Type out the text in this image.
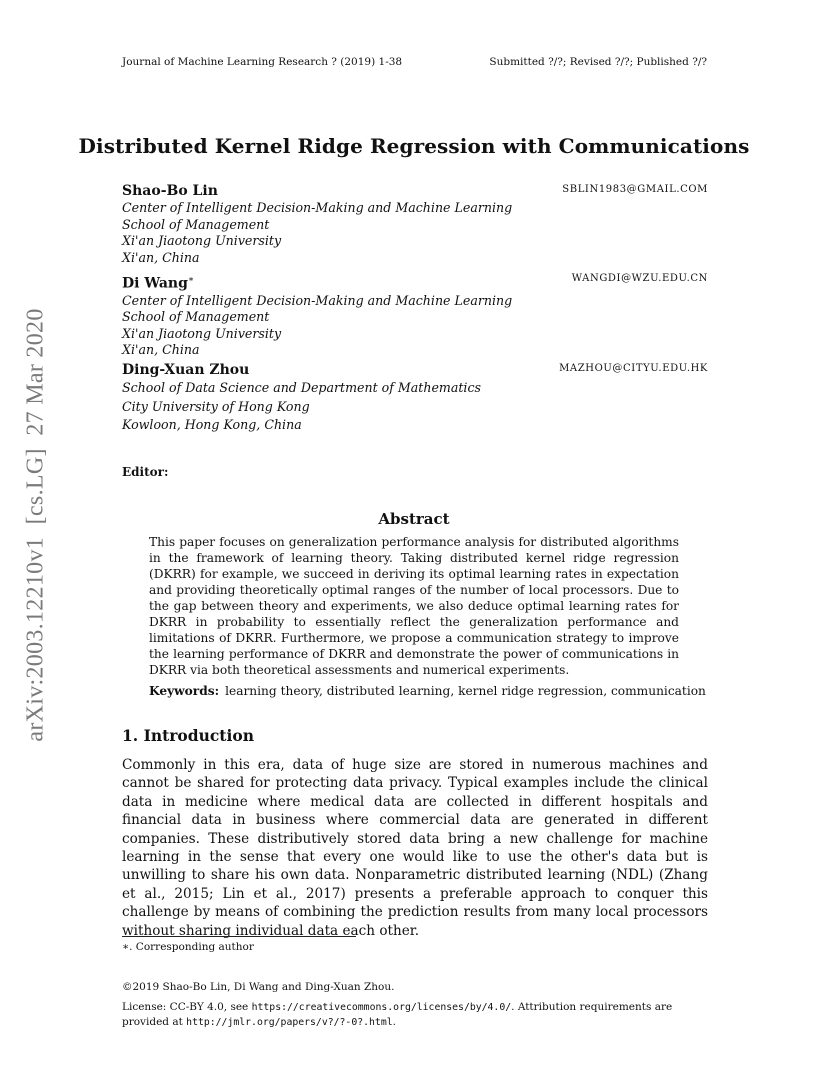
Journal of Machine Learning Research ? (2019) 1-38	Submitted ?/?; Revised ?/?; Published ?/?
Distributed Kernel Ridge Regression with Communications
Shao-Bo Lin	SBLIN1983@GMAIL.COM
Center of Intelligent Decision-Making and Machine Learning
School of Management
Xi'an Jiaotong University
Xi'an, China
Di Wang∗	WANGDI@WZU.EDU.CN
Center of Intelligent Decision-Making and Machine Learning
School of Management
Xi'an Jiaotong University
Xi'an, China
Ding-Xuan Zhou	MAZHOU@CITYU.EDU.HK
School of Data Science and Department of Mathematics
City University of Hong Kong
Kowloon, Hong Kong, China
Editor:
Abstract

This paper focuses on generalization performance analysis for distributed algorithms in the framework of learning theory. Taking distributed kernel ridge regression (DKRR) for example, we succeed in deriving its optimal learning rates in expectation and providing theoretically optimal ranges of the number of local processors. Due to the gap between theory and experiments, we also deduce optimal learning rates for DKRR in probability to essentially reflect the generalization performance and limitations of DKRR. Furthermore, we propose a communication strategy to improve the learning performance of DKRR and demonstrate the power of communications in DKRR via both theoretical assessments and numerical experiments.

Keywords: learning theory, distributed learning, kernel ridge regression, communication
1. Introduction

Commonly in this era, data of huge size are stored in numerous machines and cannot be shared for protecting data privacy. Typical examples include the clinical data in medicine where medical data are collected in different hospitals and financial data in business where commercial data are generated in different companies. These distributively stored data bring a new challenge for machine learning in the sense that every one would like to use the other's data but is unwilling to share his own data. Nonparametric distributed learning (NDL) (Zhang et al., 2015; Lin et al., 2017) presents a preferable approach to conquer this challenge by means of combining the prediction results from many local processors without sharing individual data each other.

∗. Corresponding author
©2019 Shao-Bo Lin, Di Wang and Ding-Xuan Zhou.
License: CC-BY 4.0, see https://creativecommons.org/licenses/by/4.0/. Attribution requirements are provided at http://jmlr.org/papers/v?/?-0?.html.
arXiv:2003.12210v1  [cs.LG]  27 Mar 2020
